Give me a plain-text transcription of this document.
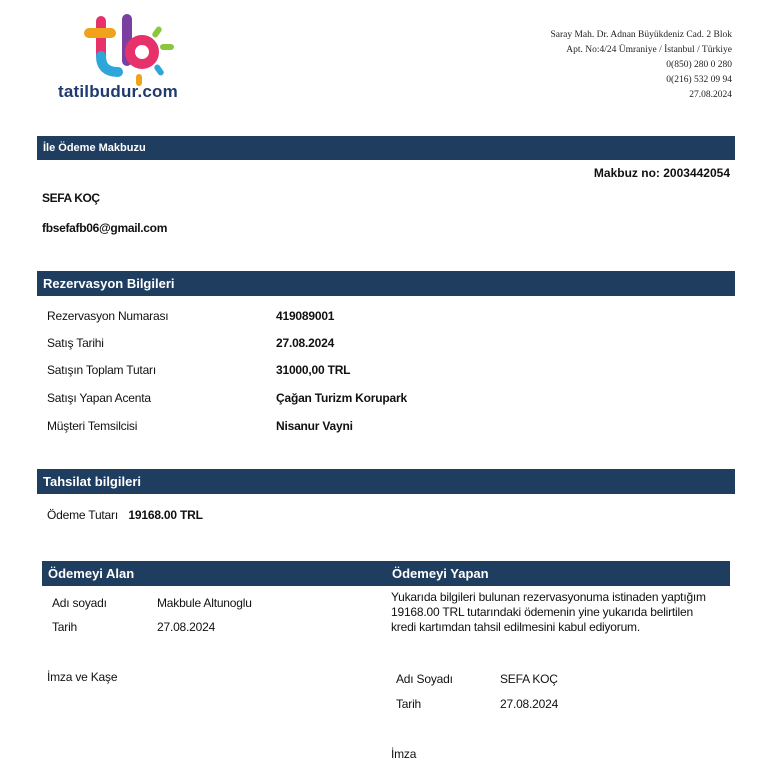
tatilbudur.com
Saray Mah. Dr. Adnan Büyükdeniz Cad. 2 Blok
Apt. No:4/24 Ümraniye / İstanbul / Türkiye
0(850) 280 0 280
0(216) 532 09 94
27.08.2024
İle Ödeme Makbuzu
Makbuz no: 2003442054
SEFA KOÇ
fbsefafb06@gmail.com
Rezervasyon Bilgileri
Rezervasyon Numarası	419089001
Satış Tarihi	27.08.2024
Satışın Toplam Tutarı	31000,00 TRL
Satışı Yapan Acenta	Çağan Turizm Korupark
Müşteri Temsilcisi	Nisanur Vayni
Tahsilat bilgileri
Ödeme Tutarı 19168.00 TRL
Ödemeyi Alan	Ödemeyi Yapan
Adı soyadı	Makbule Altunoglu
Tarih	27.08.2024
İmza ve Kaşe
Yukarıda bilgileri bulunan rezervasyonuma istinaden yaptığım
19168.00 TRL tutarındaki ödemenin yine yukarıda belirtilen
kredi kartımdan tahsil edilmesini kabul ediyorum.
Adı Soyadı	SEFA KOÇ
Tarih	27.08.2024
İmza
